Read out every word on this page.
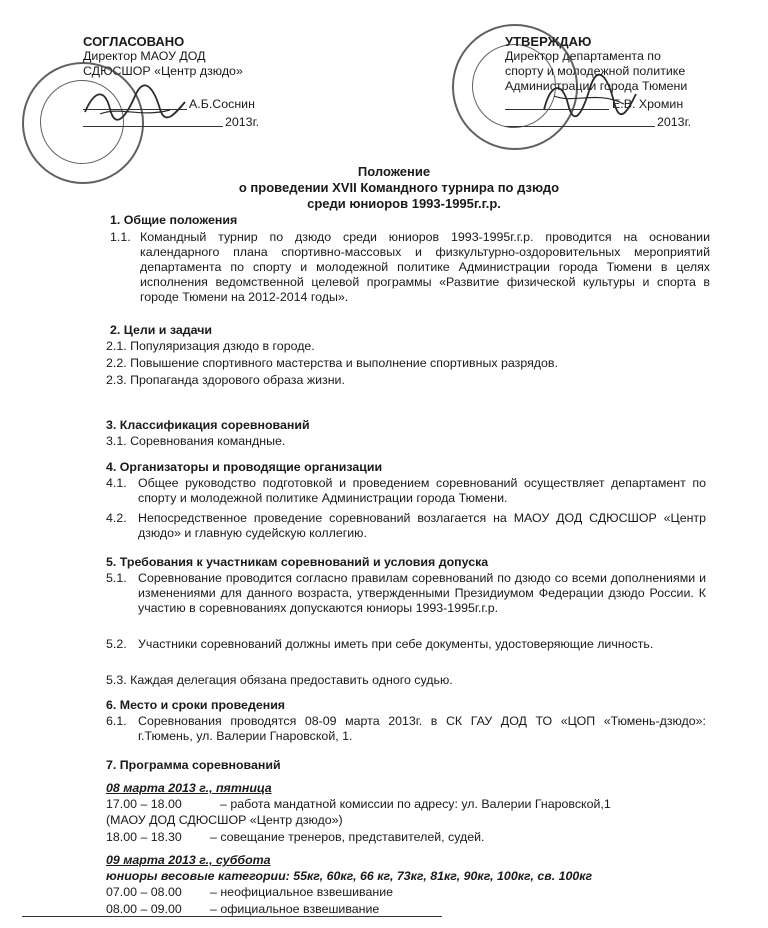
СОГЛАСОВАНО
Директор МАОУ ДОД
СДЮСШОР «Центр дзюдо»
А.Б.Соснин
2013г.
УТВЕРЖДАЮ
Директор департамента по
спорту и молодежной политике
Администрации города Тюмени
Е.В. Хромин
2013г.
Положение
о проведении XVII Командного турнира по дзюдо
среди юниоров 1993-1995г.г.р.
1. Общие положения
1.1. Командный турнир по дзюдо среди юниоров 1993-1995г.г.р. проводится на основании календарного плана спортивно-массовых и физкультурно-оздоровительных мероприятий департамента по спорту и молодежной политике Администрации города Тюмени в целях исполнения ведомственной целевой программы «Развитие физической культуры и спорта в городе Тюмени на 2012-2014 годы».
2. Цели и задачи
2.1. Популяризация дзюдо в городе.
2.2. Повышение спортивного мастерства и выполнение спортивных разрядов.
2.3. Пропаганда здорового образа жизни.
3. Классификация соревнований
3.1. Соревнования командные.
4. Организаторы и проводящие организации
4.1. Общее руководство подготовкой и проведением соревнований осуществляет департамент по спорту и молодежной политике Администрации города Тюмени.
4.2. Непосредственное проведение соревнований возлагается на МАОУ ДОД СДЮСШОР «Центр дзюдо» и главную судейскую коллегию.
5. Требования к участникам соревнований и условия допуска
5.1. Соревнование проводится согласно правилам соревнований по дзюдо со всеми дополнениями и изменениями для данного возраста, утвержденными Президиумом Федерации дзюдо России. К участию в соревнованиях допускаются юниоры 1993-1995г.г.р.
5.2. Участники соревнований должны иметь при себе документы, удостоверяющие личность.
5.3. Каждая делегация обязана предоставить одного судью.
6. Место и сроки проведения
6.1. Соревнования проводятся 08-09 марта 2013г. в СК ГАУ ДОД ТО «ЦОП «Тюмень-дзюдо»: г.Тюмень, ул. Валерии Гнаровской, 1.
7. Программа соревнований
08 марта 2013 г., пятница
17.00 – 18.00	– работа мандатной комиссии по адресу: ул. Валерии Гнаровской,1
(МАОУ ДОД СДЮСШОР «Центр дзюдо»)
18.00 – 18.30 – совещание тренеров, представителей, судей.
09 марта 2013 г., суббота
юниоры весовые категории: 55кг, 60кг, 66 кг, 73кг, 81кг, 90кг, 100кг, св. 100кг
07.00 – 08.00 – неофициальное взвешивание
08.00 – 09.00 – официальное взвешивание
